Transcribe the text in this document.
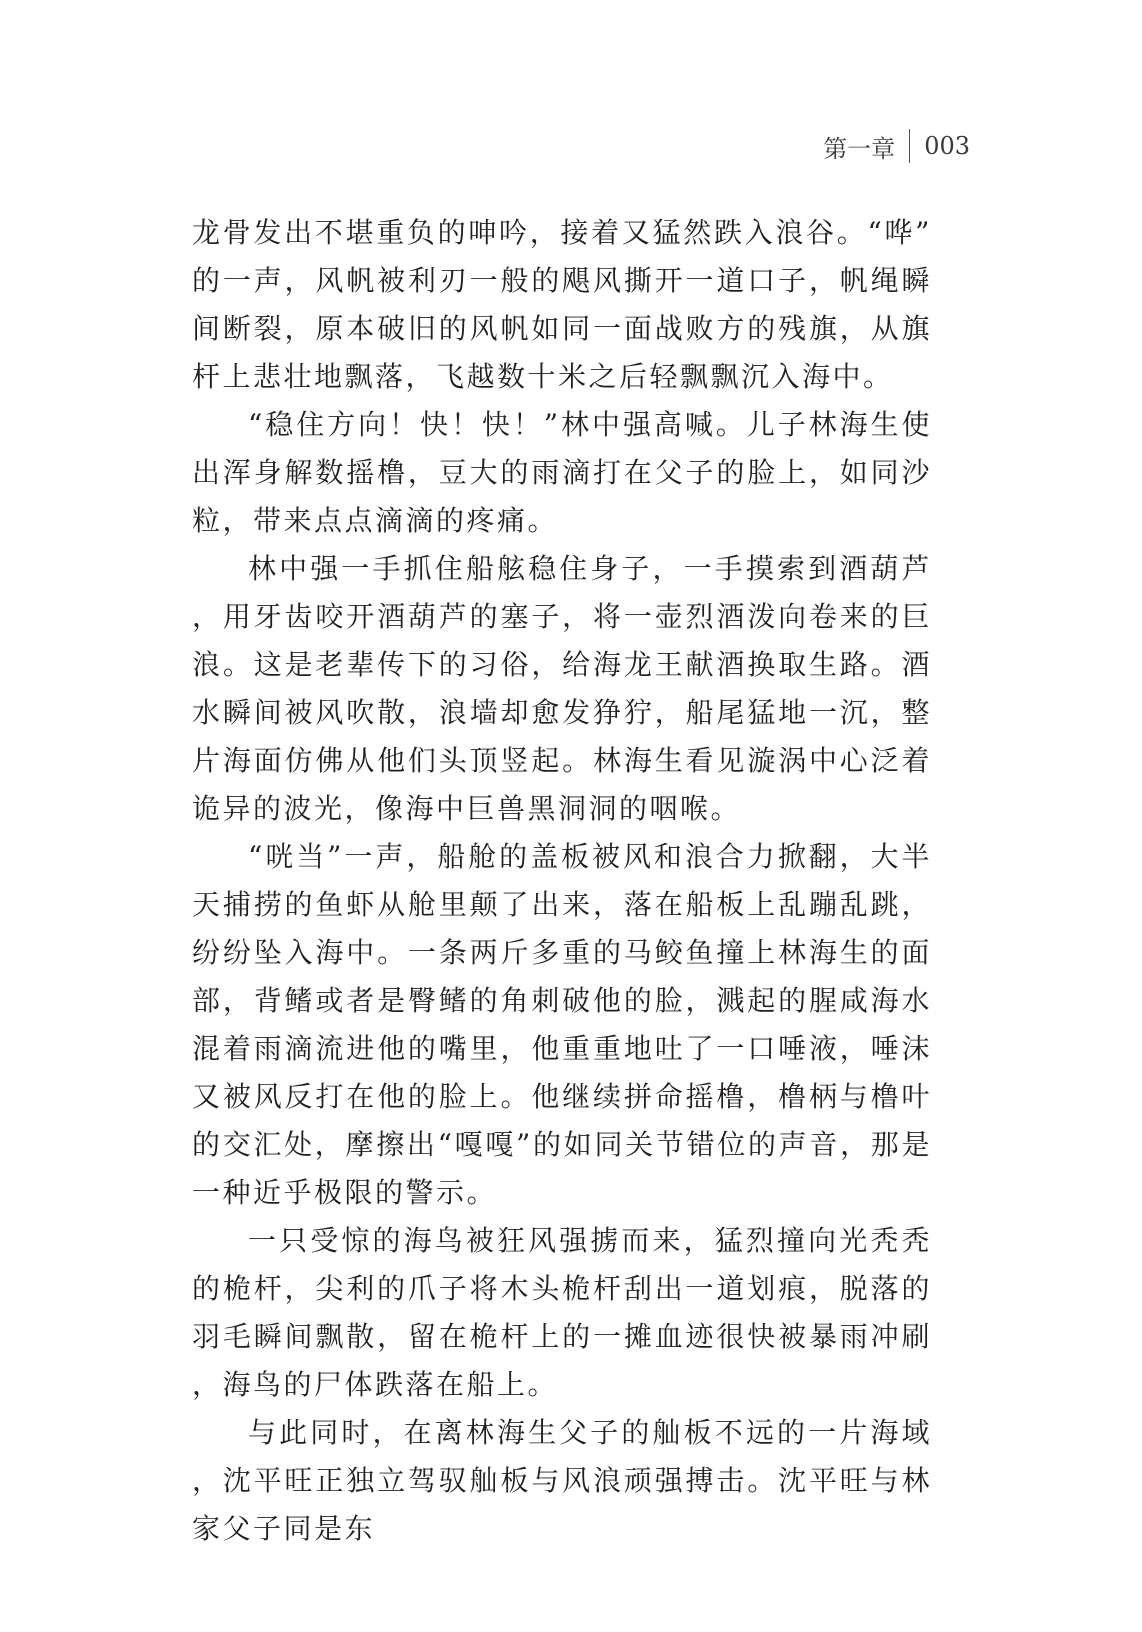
第一章 003

龙骨发出不堪重负的呻吟，接着又猛然跌入浪谷。“哗”的一声，风帆被利刃一般的飓风撕开一道口子，帆绳瞬间断裂，原本破旧的风帆如同一面战败方的残旗，从旗杆上悲壮地飘落，飞越数十米之后轻飘飘沉入海中。

“稳住方向！快！快！”林中强高喊。儿子林海生使出浑身解数摇橹，豆大的雨滴打在父子的脸上，如同沙粒，带来点点滴滴的疼痛。

林中强一手抓住船舷稳住身子，一手摸索到酒葫芦，用牙齿咬开酒葫芦的塞子，将一壶烈酒泼向卷来的巨浪。这是老辈传下的习俗，给海龙王献酒换取生路。酒水瞬间被风吹散，浪墙却愈发狰狞，船尾猛地一沉，整片海面仿佛从他们头顶竖起。林海生看见漩涡中心泛着诡异的波光，像海中巨兽黑洞洞的咽喉。

“咣当”一声，船舱的盖板被风和浪合力掀翻，大半天捕捞的鱼虾从舱里颠了出来，落在船板上乱蹦乱跳，纷纷坠入海中。一条两斤多重的马鲛鱼撞上林海生的面部，背鳍或者是臀鳍的角刺破他的脸，溅起的腥咸海水混着雨滴流进他的嘴里，他重重地吐了一口唾液，唾沫又被风反打在他的脸上。他继续拼命摇橹，橹柄与橹叶的交汇处，摩擦出“嘎嘎”的如同关节错位的声音，那是一种近乎极限的警示。

一只受惊的海鸟被狂风强掳而来，猛烈撞向光秃秃的桅杆，尖利的爪子将木头桅杆刮出一道划痕，脱落的羽毛瞬间飘散，留在桅杆上的一摊血迹很快被暴雨冲刷，海鸟的尸体跌落在船上。

与此同时，在离林海生父子的舢板不远的一片海域，沈平旺正独立驾驭舢板与风浪顽强搏击。沈平旺与林家父子同是东
